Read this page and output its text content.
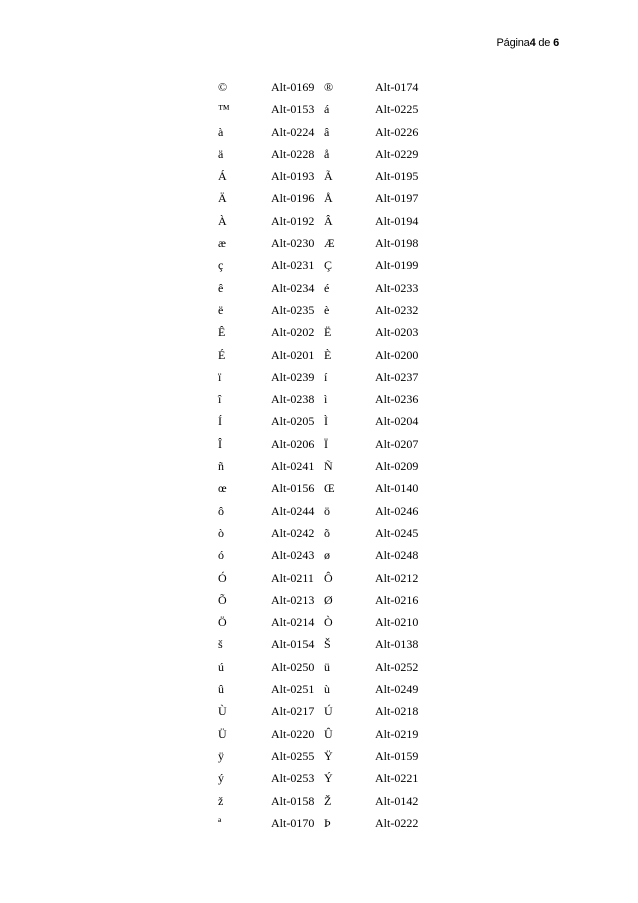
Página4 de 6
©	Alt-0169 ®	Alt-0174
™	Alt-0153 á	Alt-0225
à	Alt-0224 â	Alt-0226
ä	Alt-0228 å	Alt-0229
Á	Alt-0193 Ã	Alt-0195
Ä	Alt-0196 Å	Alt-0197
À	Alt-0192 Â	Alt-0194
æ	Alt-0230 Æ	Alt-0198
ç	Alt-0231 Ç	Alt-0199
ê	Alt-0234 é	Alt-0233
ë	Alt-0235 è	Alt-0232
Ê	Alt-0202 Ë	Alt-0203
É	Alt-0201 È	Alt-0200
ï	Alt-0239 í	Alt-0237
î	Alt-0238 ì	Alt-0236
Í	Alt-0205 Ì	Alt-0204
Î	Alt-0206 Ï	Alt-0207
ñ	Alt-0241 Ñ	Alt-0209
œ	Alt-0156 Œ	Alt-0140
ô	Alt-0244 ö	Alt-0246
ò	Alt-0242 õ	Alt-0245
ó	Alt-0243 ø	Alt-0248
Ó	Alt-0211 Ô	Alt-0212
Õ	Alt-0213 Ø	Alt-0216
Ö	Alt-0214 Ò	Alt-0210
š	Alt-0154 Š	Alt-0138
ú	Alt-0250 ü	Alt-0252
û	Alt-0251 ù	Alt-0249
Ù	Alt-0217 Ú	Alt-0218
Ü	Alt-0220 Û	Alt-0219
ÿ	Alt-0255 Ÿ	Alt-0159
ý	Alt-0253 Ý	Alt-0221
ž	Alt-0158 Ž	Alt-0142
ª	Alt-0170 Þ	Alt-0222
